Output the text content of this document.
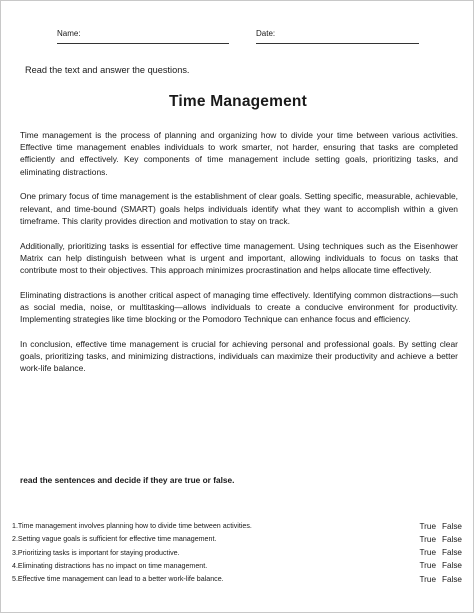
Name:	Date:
Read the text and answer the questions.
Time Management

Time management is the process of planning and organizing how to divide your time between various activities. Effective time management enables individuals to work smarter, not harder, ensuring that tasks are completed efficiently and effectively. Key components of time management include setting goals, prioritizing tasks, and eliminating distractions.

One primary focus of time management is the establishment of clear goals. Setting specific, measurable, achievable, relevant, and time-bound (SMART) goals helps individuals identify what they want to accomplish within a given timeframe. This clarity provides direction and motivation to stay on track.

Additionally, prioritizing tasks is essential for effective time management. Using techniques such as the Eisenhower Matrix can help distinguish between what is urgent and important, allowing individuals to focus on tasks that contribute most to their objectives. This approach minimizes procrastination and helps allocate time effectively.

Eliminating distractions is another critical aspect of managing time effectively. Identifying common distractions—such as social media, noise, or multitasking—allows individuals to create a conducive environment for productivity. Implementing strategies like time blocking or the Pomodoro Technique can enhance focus and efficiency.

In conclusion, effective time management is crucial for achieving personal and professional goals. By setting clear goals, prioritizing tasks, and minimizing distractions, individuals can maximize their productivity and achieve a better work-life balance.

read the sentences and decide if they are true or false.
1.Time management involves planning how to divide time between activities.	True False
2.Setting vague goals is sufficient for effective time management.	True False
3.Prioritizing tasks is important for staying productive.	True False
4.Eliminating distractions has no impact on time management.	True False
5.Effective time management can lead to a better work-life balance.	True False
